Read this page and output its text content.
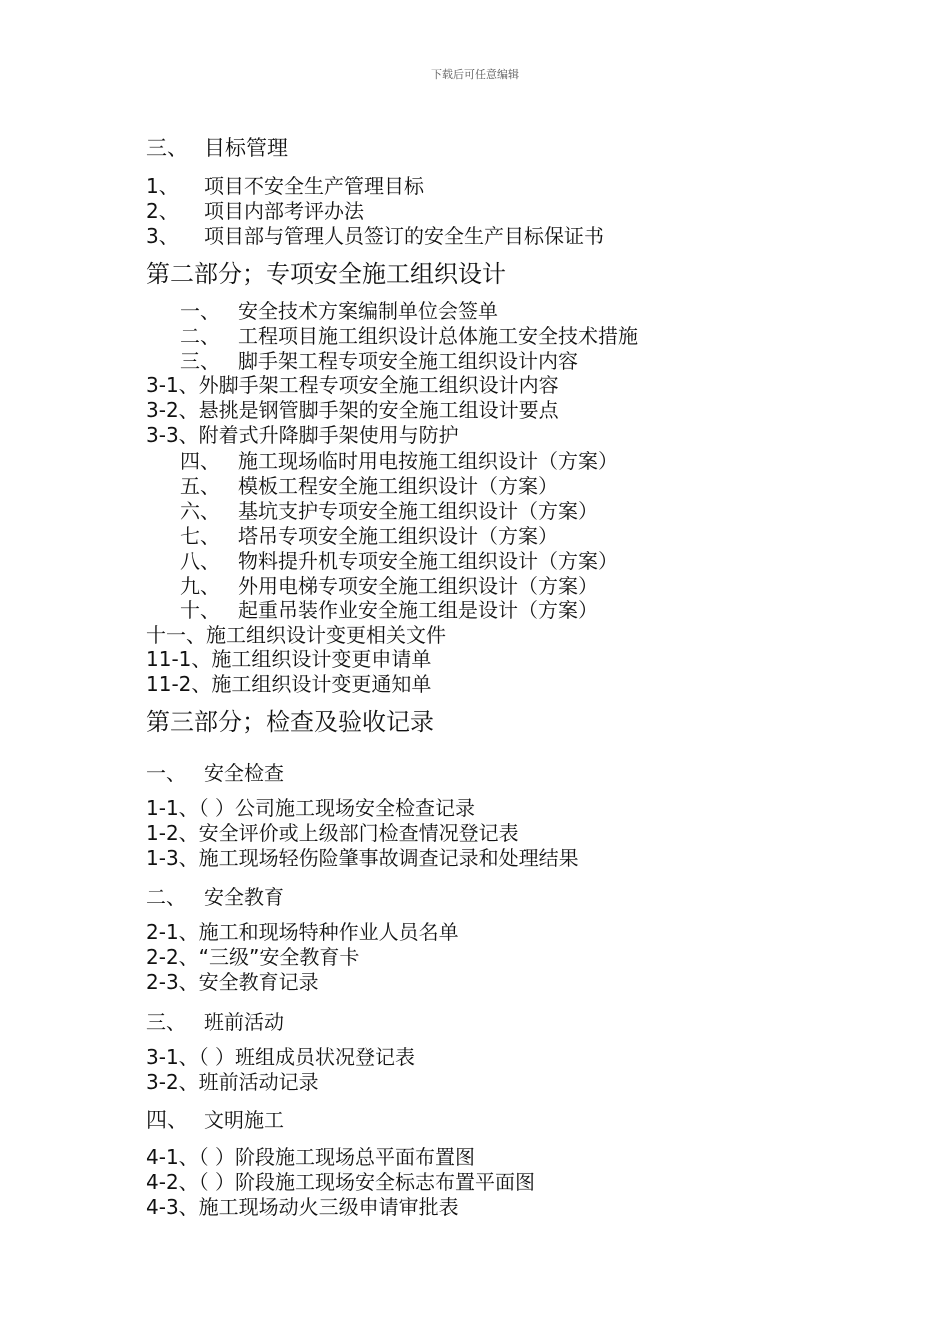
下载后可任意编辑
三、 目标管理
1、 项目不安全生产管理目标
2、 项目内部考评办法
3、 项目部与管理人员签订的安全生产目标保证书
第二部分；专项安全施工组织设计
一、 安全技术方案编制单位会签单
二、 工程项目施工组织设计总体施工安全技术措施
三、 脚手架工程专项安全施工组织设计内容
3-1、外脚手架工程专项安全施工组织设计内容
3-2、悬挑是钢管脚手架的安全施工组设计要点
3-3、附着式升降脚手架使用与防护
四、 施工现场临时用电按施工组织设计（方案）
五、 模板工程安全施工组织设计（方案）
六、 基坑支护专项安全施工组织设计（方案）
七、 塔吊专项安全施工组织设计（方案）
八、 物料提升机专项安全施工组织设计（方案）
九、 外用电梯专项安全施工组织设计（方案）
十、 起重吊装作业安全施工组是设计（方案）
十一、施工组织设计变更相关文件
11-1、施工组织设计变更申请单
11-2、施工组织设计变更通知单
第三部分；检查及验收记录
一、 安全检查
1-1、（ ）公司施工现场安全检查记录
1-2、安全评价或上级部门检查情况登记表
1-3、施工现场轻伤险肇事故调查记录和处理结果
二、 安全教育
2-1、施工和现场特种作业人员名单
2-2、“三级”安全教育卡
2-3、安全教育记录
三、 班前活动
3-1、（ ）班组成员状况登记表
3-2、班前活动记录
四、 文明施工
4-1、（ ）阶段施工现场总平面布置图
4-2、（ ）阶段施工现场安全标志布置平面图
4-3、施工现场动火三级申请审批表
